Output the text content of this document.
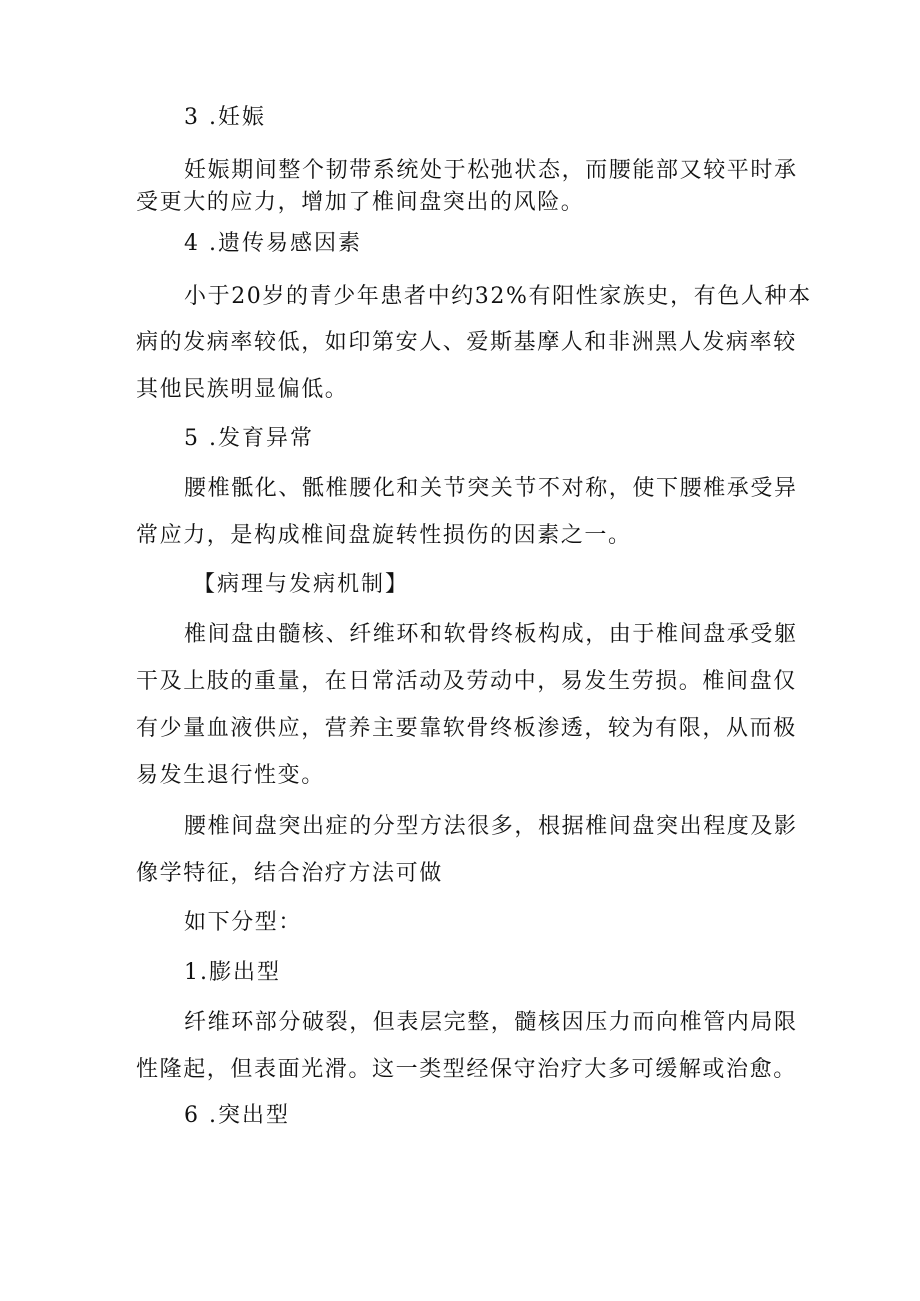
3 .妊娠
妊娠期间整个韧带系统处于松弛状态，而腰能部又较平时承
受更大的应力，增加了椎间盘突出的风险。
4 .遗传易感因素
小于20岁的青少年患者中约32%有阳性家族史，有色人种本
病的发病率较低，如印第安人、爱斯基摩人和非洲黑人发病率较
其他民族明显偏低。
5 .发育异常
腰椎骶化、骶椎腰化和关节突关节不对称，使下腰椎承受异
常应力，是构成椎间盘旋转性损伤的因素之一。
【病理与发病机制】
椎间盘由髓核、纤维环和软骨终板构成，由于椎间盘承受躯
干及上肢的重量，在日常活动及劳动中，易发生劳损。椎间盘仅
有少量血液供应，营养主要靠软骨终板渗透，较为有限，从而极
易发生退行性变。
腰椎间盘突出症的分型方法很多，根据椎间盘突出程度及影
像学特征，结合治疗方法可做
如下分型：
1.膨出型
纤维环部分破裂，但表层完整，髓核因压力而向椎管内局限
性隆起，但表面光滑。这一类型经保守治疗大多可缓解或治愈。
6 .突出型
